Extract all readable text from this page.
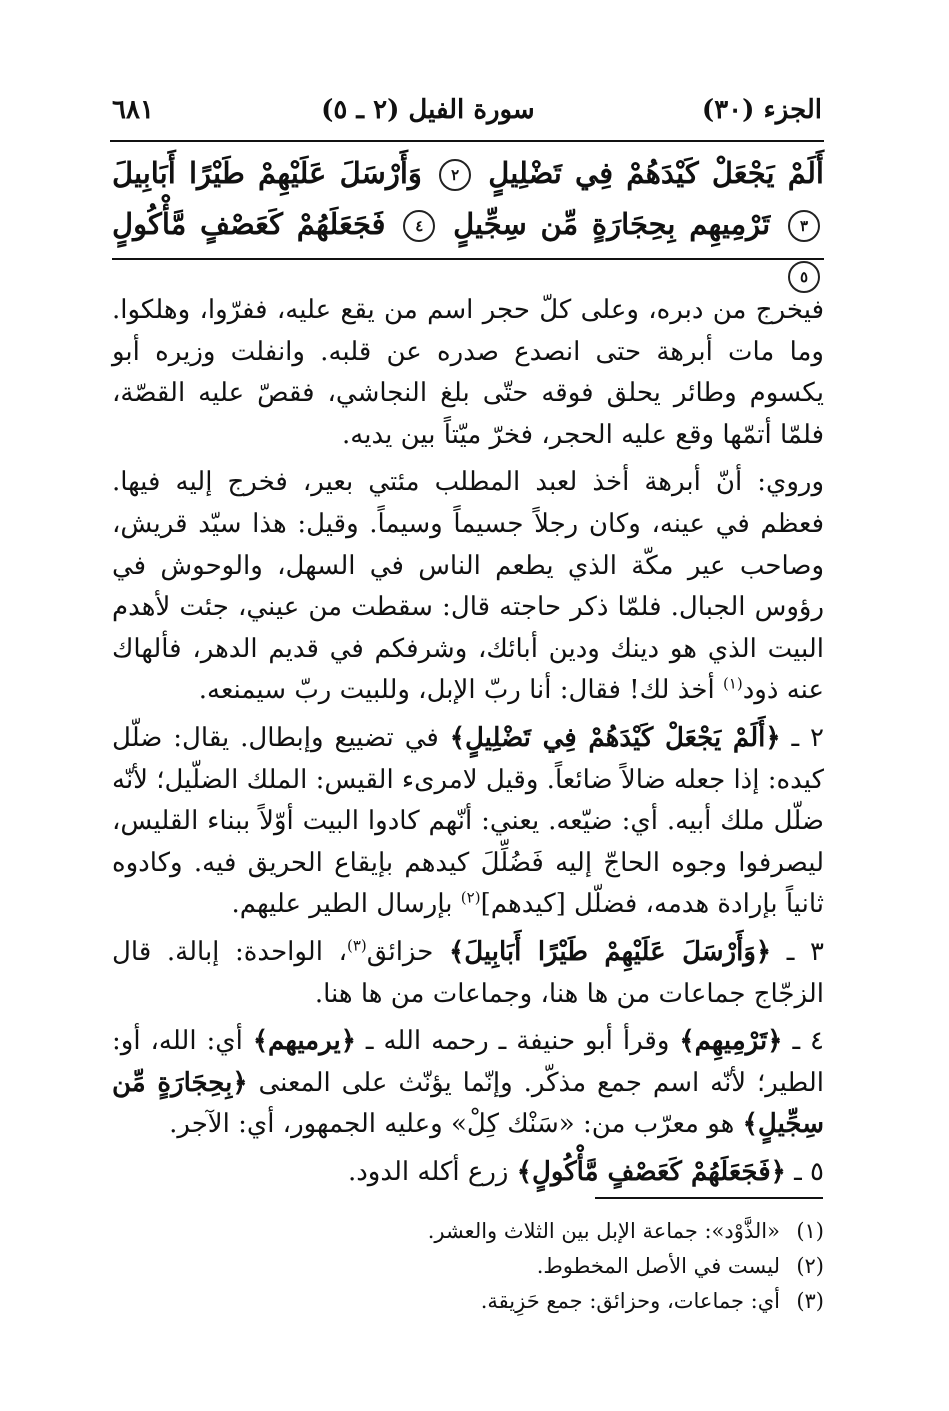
الجزء (٣٠)
سورة الفيل (٢ ـ ٥)
٦٨١
أَلَمْ يَجْعَلْ كَيْدَهُمْ فِي تَضْلِيلٍ ٢ وَأَرْسَلَ عَلَيْهِمْ طَيْرًا أَبَابِيلَ ٣ تَرْمِيهِم بِحِجَارَةٍ مِّن سِجِّيلٍ ٤ فَجَعَلَهُمْ كَعَصْفٍ مَّأْكُولٍ ٥

فيخرج من دبره، وعلى كلّ حجر اسم من يقع عليه، ففرّوا، وهلكوا. وما مات أبرهة حتى انصدع صدره عن قلبه. وانفلت وزيره أبو يكسوم وطائر يحلق فوقه حتّى بلغ النجاشي، فقصّ عليه القصّة، فلمّا أتمّها وقع عليه الحجر، فخرّ ميّتاً بين يديه.

وروي: أنّ أبرهة أخذ لعبد المطلب مئتي بعير، فخرج إليه فيها. فعظم في عينه، وكان رجلاً جسيماً وسيماً. وقيل: هذا سيّد قريش، وصاحب عير مكّة الذي يطعم الناس في السهل، والوحوش في رؤوس الجبال. فلمّا ذكر حاجته قال: سقطت من عيني، جئت لأهدم البيت الذي هو دينك ودين أبائك، وشرفكم في قديم الدهر، فألهاك عنه ذود$^{(١)}$ أخذ لك! فقال: أنا ربّ الإبل، وللبيت ربّ سيمنعه.

٢ ـ ﴿أَلَمْ يَجْعَلْ كَيْدَهُمْ فِي تَضْلِيلٍ﴾ في تضييع وإبطال. يقال: ضلّل كيده: إذا جعله ضالاً ضائعاً. وقيل لامرىء القيس: الملك الضلّيل؛ لأنّه ضلّل ملك أبيه. أي: ضيّعه. يعني: أنّهم كادوا البيت أوّلاً ببناء القليس، ليصرفوا وجوه الحاجّ إليه فَضُلِّلَ كيدهم بإيقاع الحريق فيه. وكادوه ثانياً بإرادة هدمه، فضلّل [كيدهم]$^{(٢)}$ بإرسال الطير عليهم.

٣ ـ ﴿وَأَرْسَلَ عَلَيْهِمْ طَيْرًا أَبَابِيلَ﴾ حزائق$^{(٣)}$، الواحدة: إبالة. قال الزجّاج جماعات من ها هنا، وجماعات من ها هنا.

٤ ـ ﴿تَرْمِيهِم﴾ وقرأ أبو حنيفة ـ رحمه الله ـ ﴿يرميهم﴾ أي: الله، أو: الطير؛ لأنّه اسم جمع مذكّر. وإنّما يؤنّث على المعنى ﴿بِحِجَارَةٍ مِّن سِجِّيلٍ﴾ هو معرّب من: «سَنْك كِلْ» وعليه الجمهور، أي: الآجر.

٥ ـ ﴿فَجَعَلَهُمْ كَعَصْفٍ مَّأْكُولٍ﴾ زرع أكله الدود.

(١)
«الذَّوْد»: جماعة الإبل بين الثلاث والعشر.
(٢)
ليست في الأصل المخطوط.
(٣)
أي: جماعات، وحزائق: جمع حَزِيقة.
